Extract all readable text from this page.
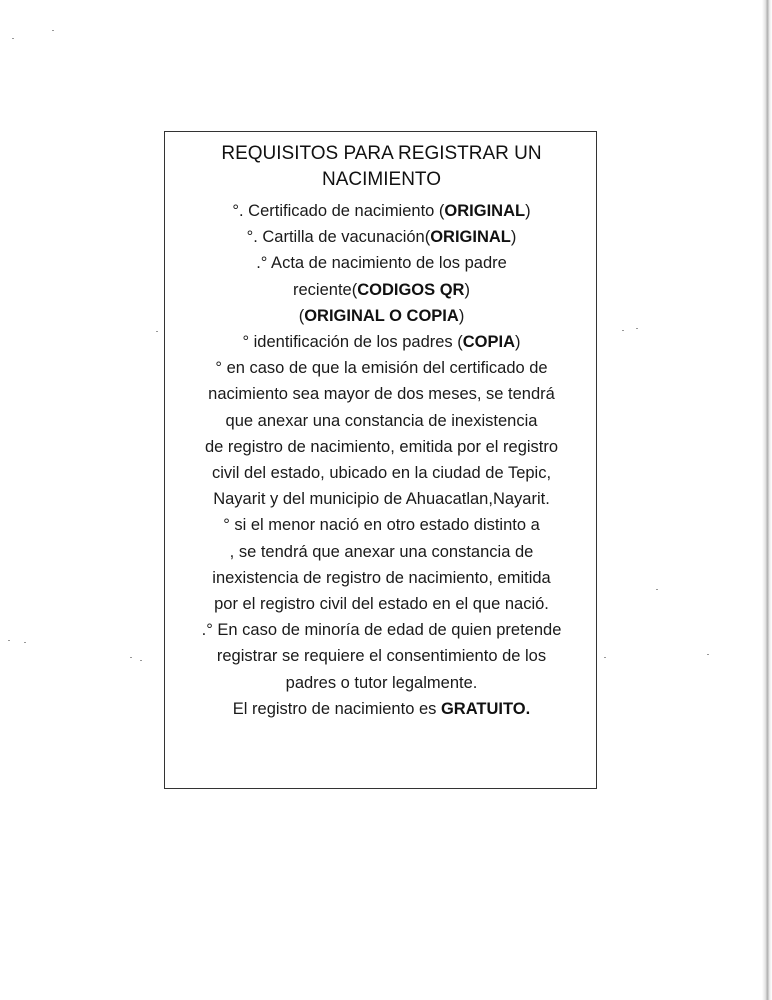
REQUISITOS PARA REGISTRAR UN
NACIMIENTO
°. Certificado de nacimiento (ORIGINAL)
°. Cartilla de vacunación(ORIGINAL)
.° Acta de nacimiento de los padre
reciente(CODIGOS QR)
(ORIGINAL O COPIA)
° identificación de los padres (COPIA)
° en caso de que la emisión del certificado de
nacimiento sea mayor de dos meses, se tendrá
que anexar una constancia de inexistencia
de registro de nacimiento, emitida por el registro
civil del estado, ubicado en la ciudad de Tepic,
Nayarit y del municipio de Ahuacatlan,Nayarit.
° si el menor nació en otro estado distinto a
, se tendrá que anexar una constancia de
inexistencia de registro de nacimiento, emitida
por el registro civil del estado en el que nació.
.° En caso de minoría de edad de quien pretende
registrar se requiere el consentimiento de los
padres o tutor legalmente.
El registro de nacimiento es GRATUITO.
